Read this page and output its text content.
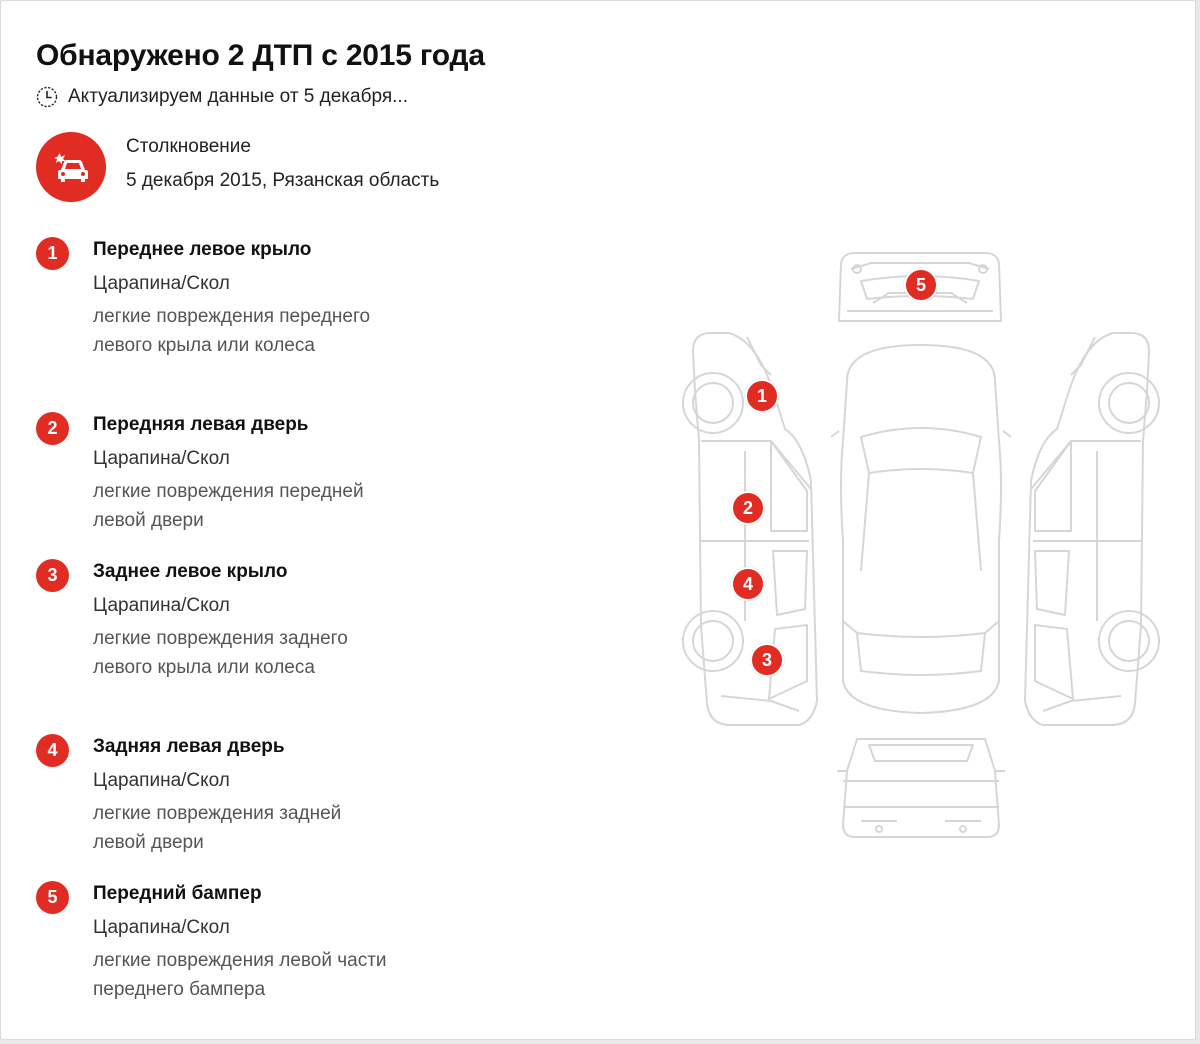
Обнаружено 2 ДТП с 2015 года
Актуализируем данные от 5 декабря...
Столкновение
5 декабря 2015, Рязанская область
1	Переднее левое крыло
Царапина/Скол
легкие повреждения переднего левого крыла или колеса
2	Передняя левая дверь
Царапина/Скол
легкие повреждения передней левой двери
3	Заднее левое крыло
Царапина/Скол
легкие повреждения заднего левого крыла или колеса
4	Задняя левая дверь
Царапина/Скол
легкие повреждения задней левой двери
5	Передний бампер
Царапина/Скол
легкие повреждения левой части переднего бампера
5
1
2
4
3
